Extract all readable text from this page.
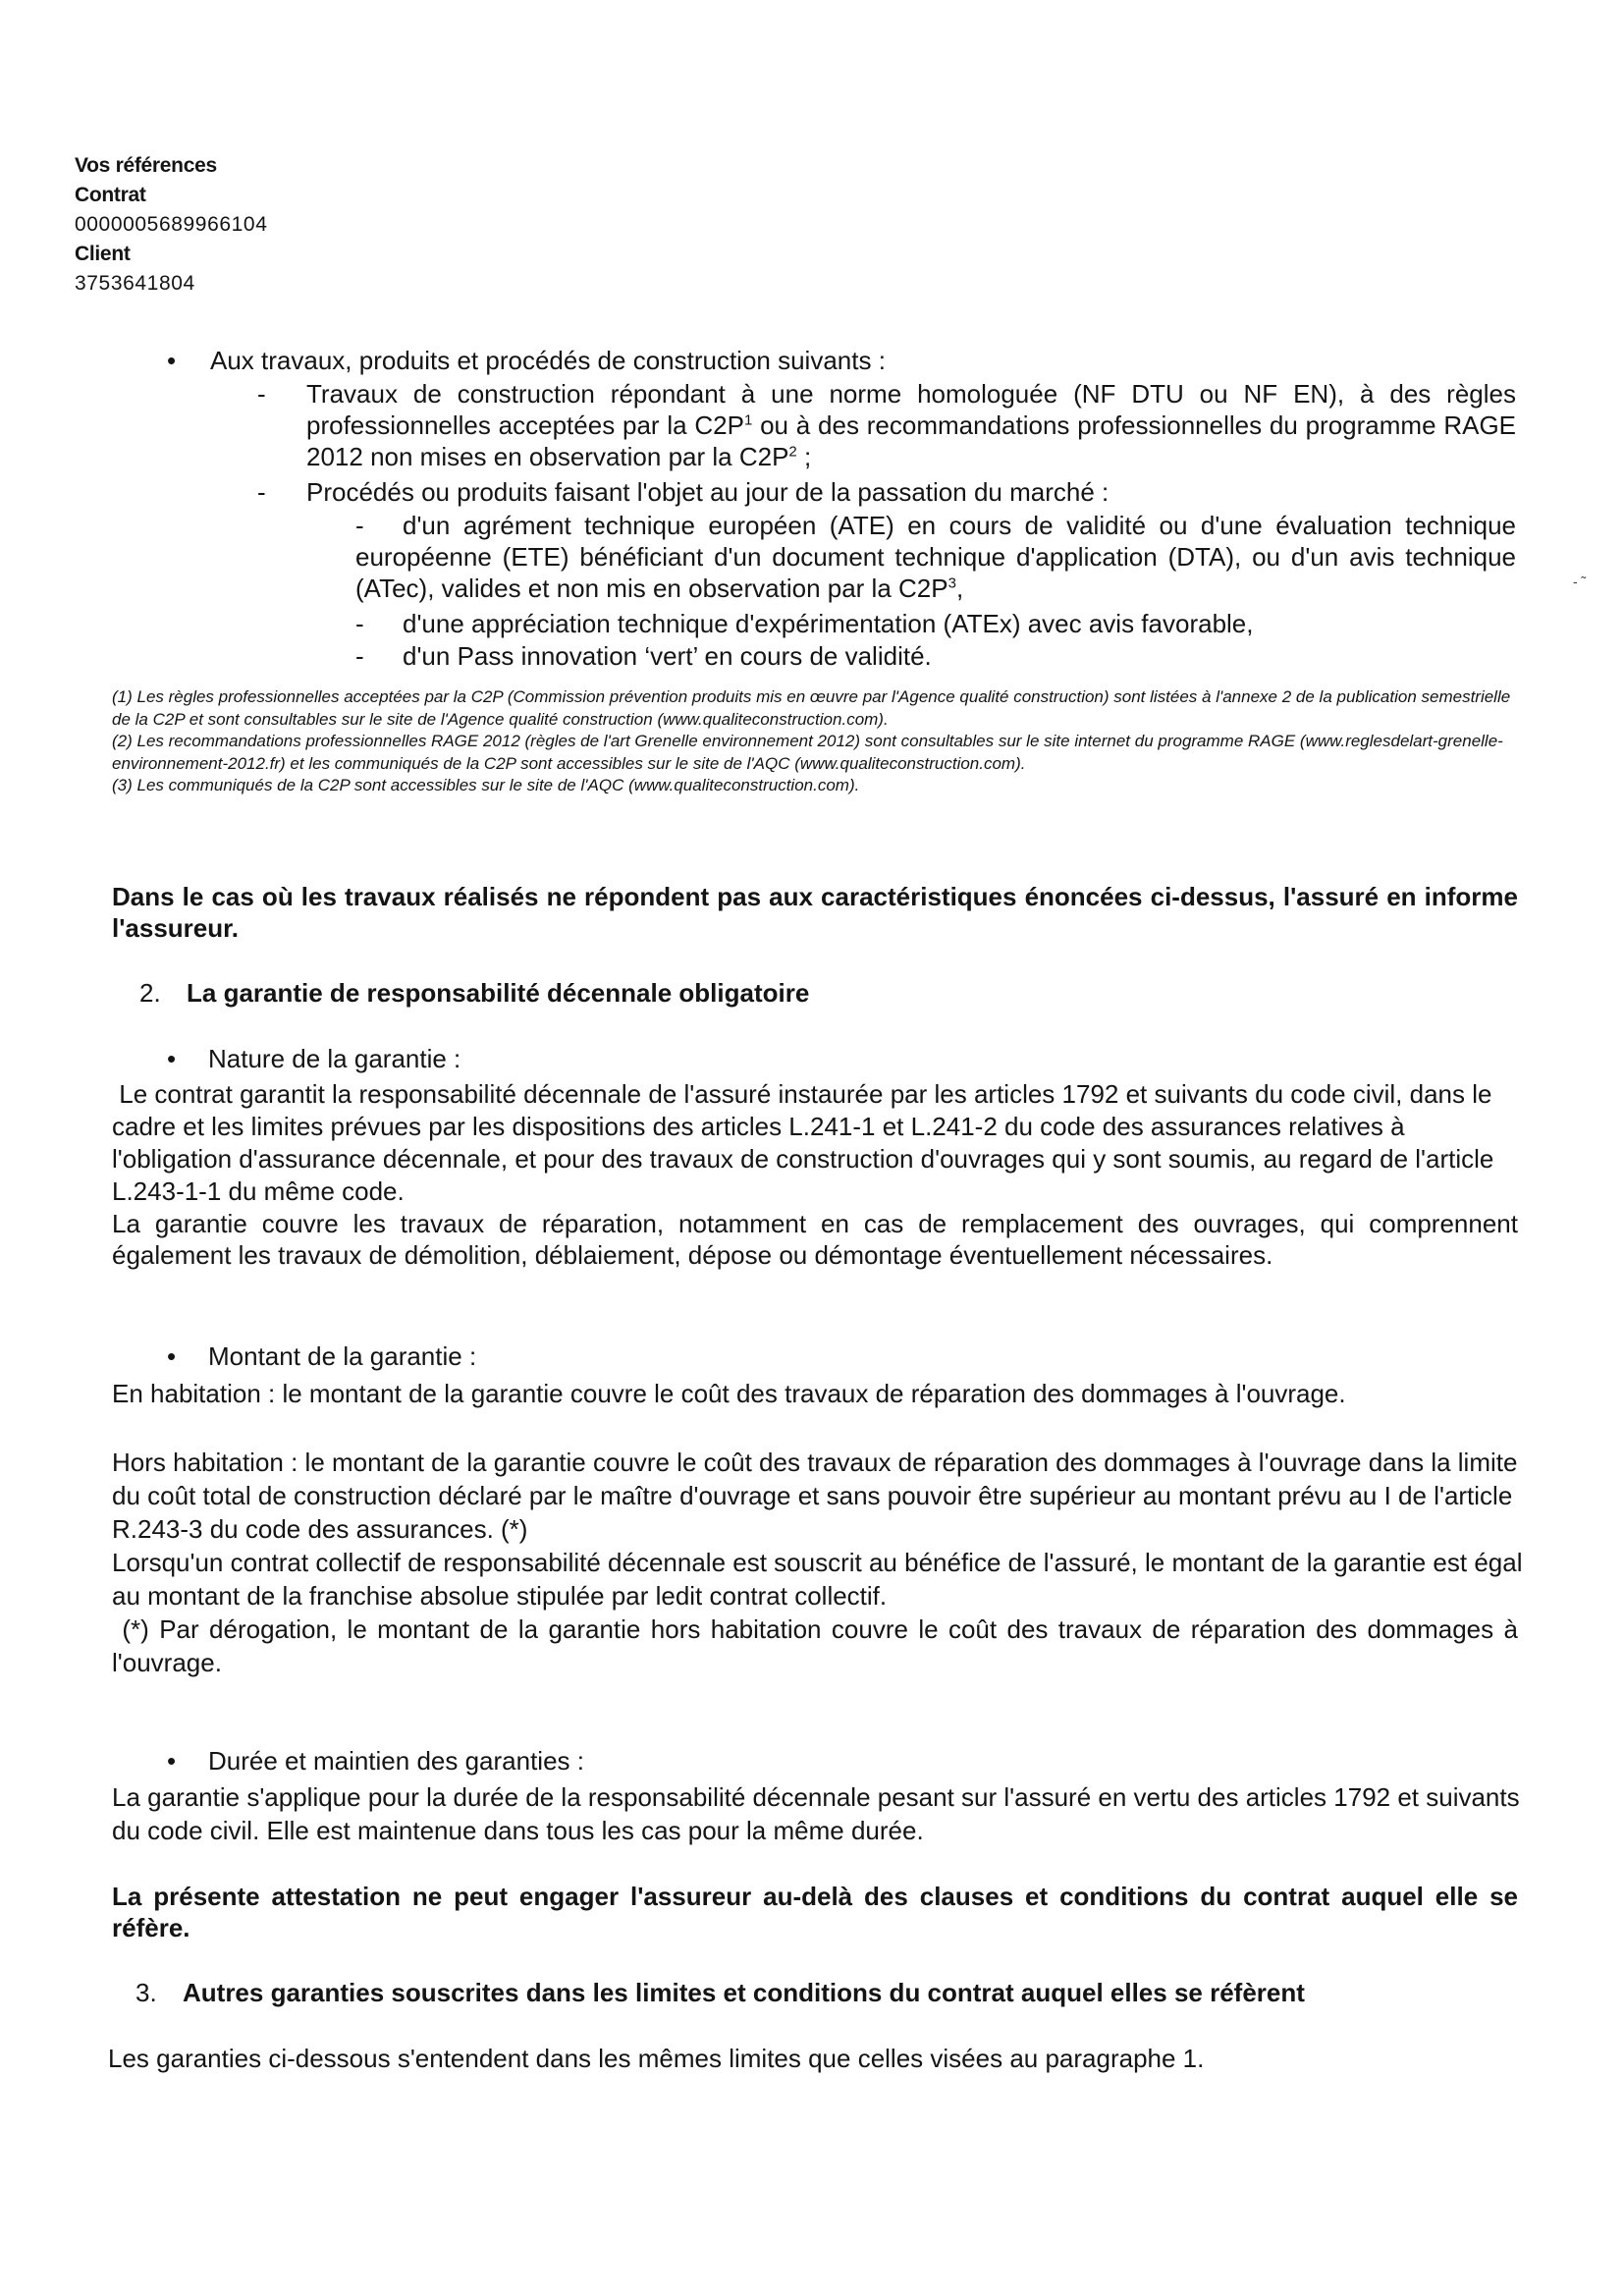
Vos références
Contrat
0000005689966104
Client
3753641804
• Aux travaux, produits et procédés de construction suivants :
- Travaux de construction répondant à une norme homologuée (NF DTU ou NF EN), à des règles professionnelles acceptées par la $C2P^1$ ou à des recommandations professionnelles du programme RAGE 2012 non mises en observation par la $C2P^2$ ;
- Procédés ou produits faisant l'objet au jour de la passation du marché :
-	d'un agrément technique européen (ATE) en cours de validité ou d'une évaluation technique européenne (ETE) bénéficiant d'un document technique d'application (DTA), ou d'un avis technique (ATec), valides et non mis en observation par la $C2P^3$,
- d'une appréciation technique d'expérimentation (ATEx) avec avis favorable,
- d'un Pass innovation ‘vert’ en cours de validité.
- ˜
(1) Les règles professionnelles acceptées par la C2P (Commission prévention produits mis en œuvre par l'Agence qualité construction) sont listées à l'annexe 2 de la publication semestrielle de la C2P et sont consultables sur le site de l'Agence qualité construction (www.qualiteconstruction.com).
(2) Les recommandations professionnelles RAGE 2012 (règles de l'art Grenelle environnement 2012) sont consultables sur le site internet du programme RAGE (www.reglesdelart-grenelle-environnement-2012.fr) et les communiqués de la C2P sont accessibles sur le site de l'AQC (www.qualiteconstruction.com).
(3) Les communiqués de la C2P sont accessibles sur le site de l'AQC (www.qualiteconstruction.com).
Dans le cas où les travaux réalisés ne répondent pas aux caractéristiques énoncées ci-dessus, l'assuré en informe l'assureur.
2. La garantie de responsabilité décennale obligatoire
• Nature de la garantie :
Le contrat garantit la responsabilité décennale de l'assuré instaurée par les articles 1792 et suivants du code civil, dans le cadre et les limites prévues par les dispositions des articles L.241-1 et L.241-2 du code des assurances relatives à l'obligation d'assurance décennale, et pour des travaux de construction d'ouvrages qui y sont soumis, au regard de l'article L.243-1-1 du même code.
La garantie couvre les travaux de réparation, notamment en cas de remplacement des ouvrages, qui comprennent également les travaux de démolition, déblaiement, dépose ou démontage éventuellement nécessaires.
• Montant de la garantie :
En habitation : le montant de la garantie couvre le coût des travaux de réparation des dommages à l'ouvrage.
Hors habitation : le montant de la garantie couvre le coût des travaux de réparation des dommages à l'ouvrage dans la limite du coût total de construction déclaré par le maître d'ouvrage et sans pouvoir être supérieur au montant prévu au I de l'article R.243-3 du code des assurances. (*)
Lorsqu'un contrat collectif de responsabilité décennale est souscrit au bénéfice de l'assuré, le montant de la garantie est égal au montant de la franchise absolue stipulée par ledit contrat collectif.
(*) Par dérogation, le montant de la garantie hors habitation couvre le coût des travaux de réparation des dommages à l'ouvrage.
• Durée et maintien des garanties :
La garantie s'applique pour la durée de la responsabilité décennale pesant sur l'assuré en vertu des articles 1792 et suivants du code civil. Elle est maintenue dans tous les cas pour la même durée.
La présente attestation ne peut engager l'assureur au-delà des clauses et conditions du contrat auquel elle se réfère.
3. Autres garanties souscrites dans les limites et conditions du contrat auquel elles se réfèrent
Les garanties ci-dessous s'entendent dans les mêmes limites que celles visées au paragraphe 1.
